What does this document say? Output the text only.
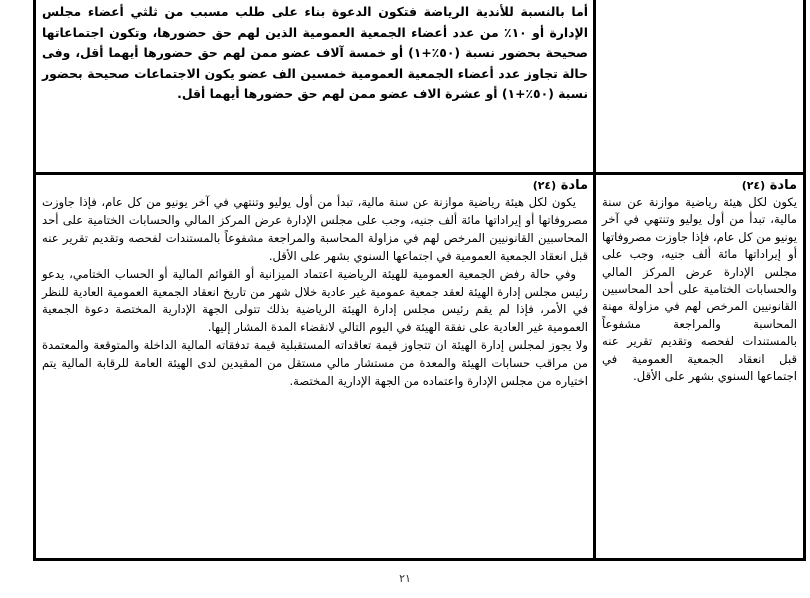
أما بالنسبة للأندية الرياضة فتكون الدعوة بناء على طلب مسبب من ثلثي أعضاء مجلس الإدارة أو ١٠٪ من عدد أعضاء الجمعية العمومية الذين لهم حق حضورها، وتكون اجتماعاتها صحيحة بحضور نسبة (٥٠٪+١) أو خمسة آلاف عضو ممن لهم حق حضورها أيهما أقل، وفى حالة تجاوز عدد أعضاء الجمعية العمومية خمسين الف عضو يكون الاجتماعات صحيحة بحضور نسبة (٥٠٪+١) أو عشرة الاف عضو ممن لهم حق حضورها أيهما أقل.

مادة (٢٤)

يكون لكل هيئة رياضية موازنة عن سنة مالية، تبدأ من أول يوليو وتنتهي في آخر يونيو من كل عام، فإذا جاوزت مصروفاتها أو إيراداتها مائة ألف جنيه، وجب على مجلس الإدارة عرض المركز المالي والحسابات الختامية على أحد المحاسبين القانونيين المرخص لهم في مزاولة المحاسبة والمراجعة مشفوعاً بالمستندات لفحصه وتقديم تقرير عنه قبل انعقاد الجمعية العمومية في اجتماعها السنوي بشهر على الأقل.

وفي حالة رفض الجمعية العمومية للهيئة الرياضية اعتماد الميزانية أو القوائم المالية أو الحساب الختامي، يدعو رئيس مجلس إدارة الهيئة لعقد جمعية عمومية غير عادية خلال شهر من تاريخ انعقاد الجمعية العمومية العادية للنظر في الأمر، فإذا لم يقم رئيس مجلس إدارة الهيئة الرياضية بذلك تتولى الجهة الإدارية المختصة دعوة الجمعية العمومية غير العادية على نفقة الهيئة في اليوم التالي لانقضاء المدة المشار إليها.

ولا يجوز لمجلس إدارة الهيئة ان تتجاوز قيمة تعاقداته المستقبلية قيمة تدفقاته المالية الداخلة والمتوقعة والمعتمدة من مراقب حسابات الهيئة والمعدة من مستشار مالي مستقل من المقيدين لدى الهيئة العامة للرقابة المالية يتم اختياره من مجلس الإدارة واعتماده من الجهة الإدارية المختصة.

مادة (٢٤)

يكون لكل هيئة رياضية موازنة عن سنة مالية، تبدأ من أول يوليو وتنتهي في آخر يونيو من كل عام، فإذا جاوزت مصروفاتها أو إيراداتها مائة ألف جنيه، وجب على مجلس الإدارة عرض المركز المالي والحسابات الختامية على أحد المحاسبين القانونيين المرخص لهم في مزاولة مهنة المحاسبة والمراجعة مشفوعاً بالمستندات لفحصه وتقديم تقرير عنه قبل انعقاد الجمعية العمومية في اجتماعها السنوي بشهر على الأقل.

٢١
